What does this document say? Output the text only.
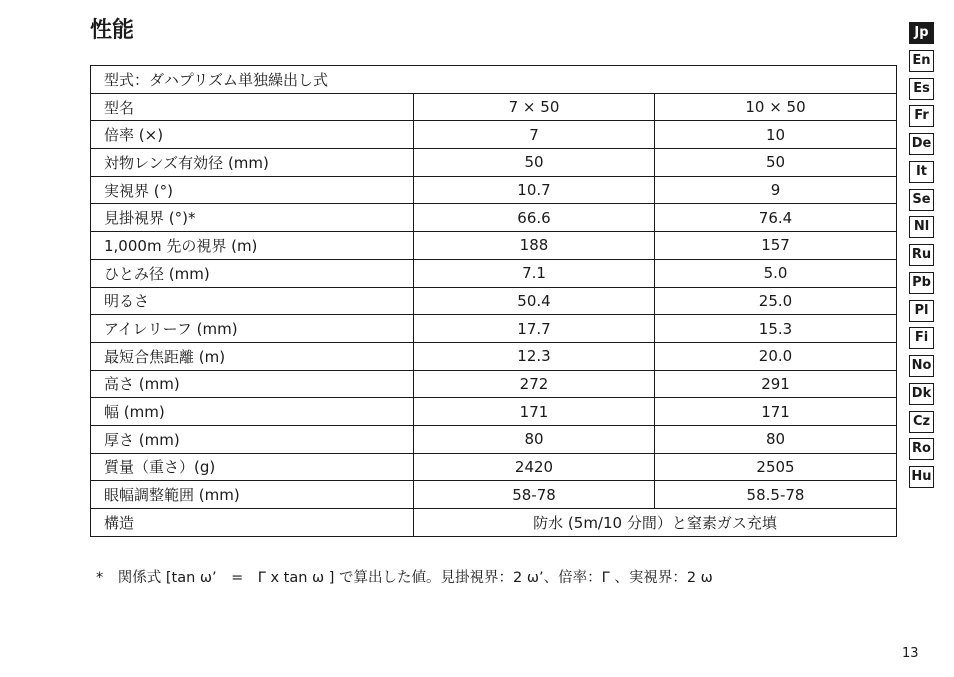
性能
型式：ダハプリズム単独繰出し式		
型名	7 × 50	10 × 50
倍率 (×)	7	10
対物レンズ有効径 (mm)	50	50
実視界 (°)	10.7	9
見掛視界 (°)*	66.6	76.4
1,000m 先の視界 (m)	188	157
ひとみ径 (mm)	7.1	5.0
明るさ	50.4	25.0
アイレリーフ (mm)	17.7	15.3
最短合焦距離 (m)	12.3	20.0
高さ (mm)	272	291
幅 (mm)	171	171
厚さ (mm)	80	80
質量（重さ）(g)	2420	2505
眼幅調整範囲 (mm)	58-78	58.5-78
構造	防水 (5m/10 分間）と窒素ガス充填	
*　関係式 [tan ω’　=　Γ x tan ω ] で算出した値。見掛視界：2 ω’、倍率：Γ 、実視界：2 ω
Jp
En
Es
Fr
De
It
Se
Nl
Ru
Pb
Pl
Fi
No
Dk
Cz
Ro
Hu
13
